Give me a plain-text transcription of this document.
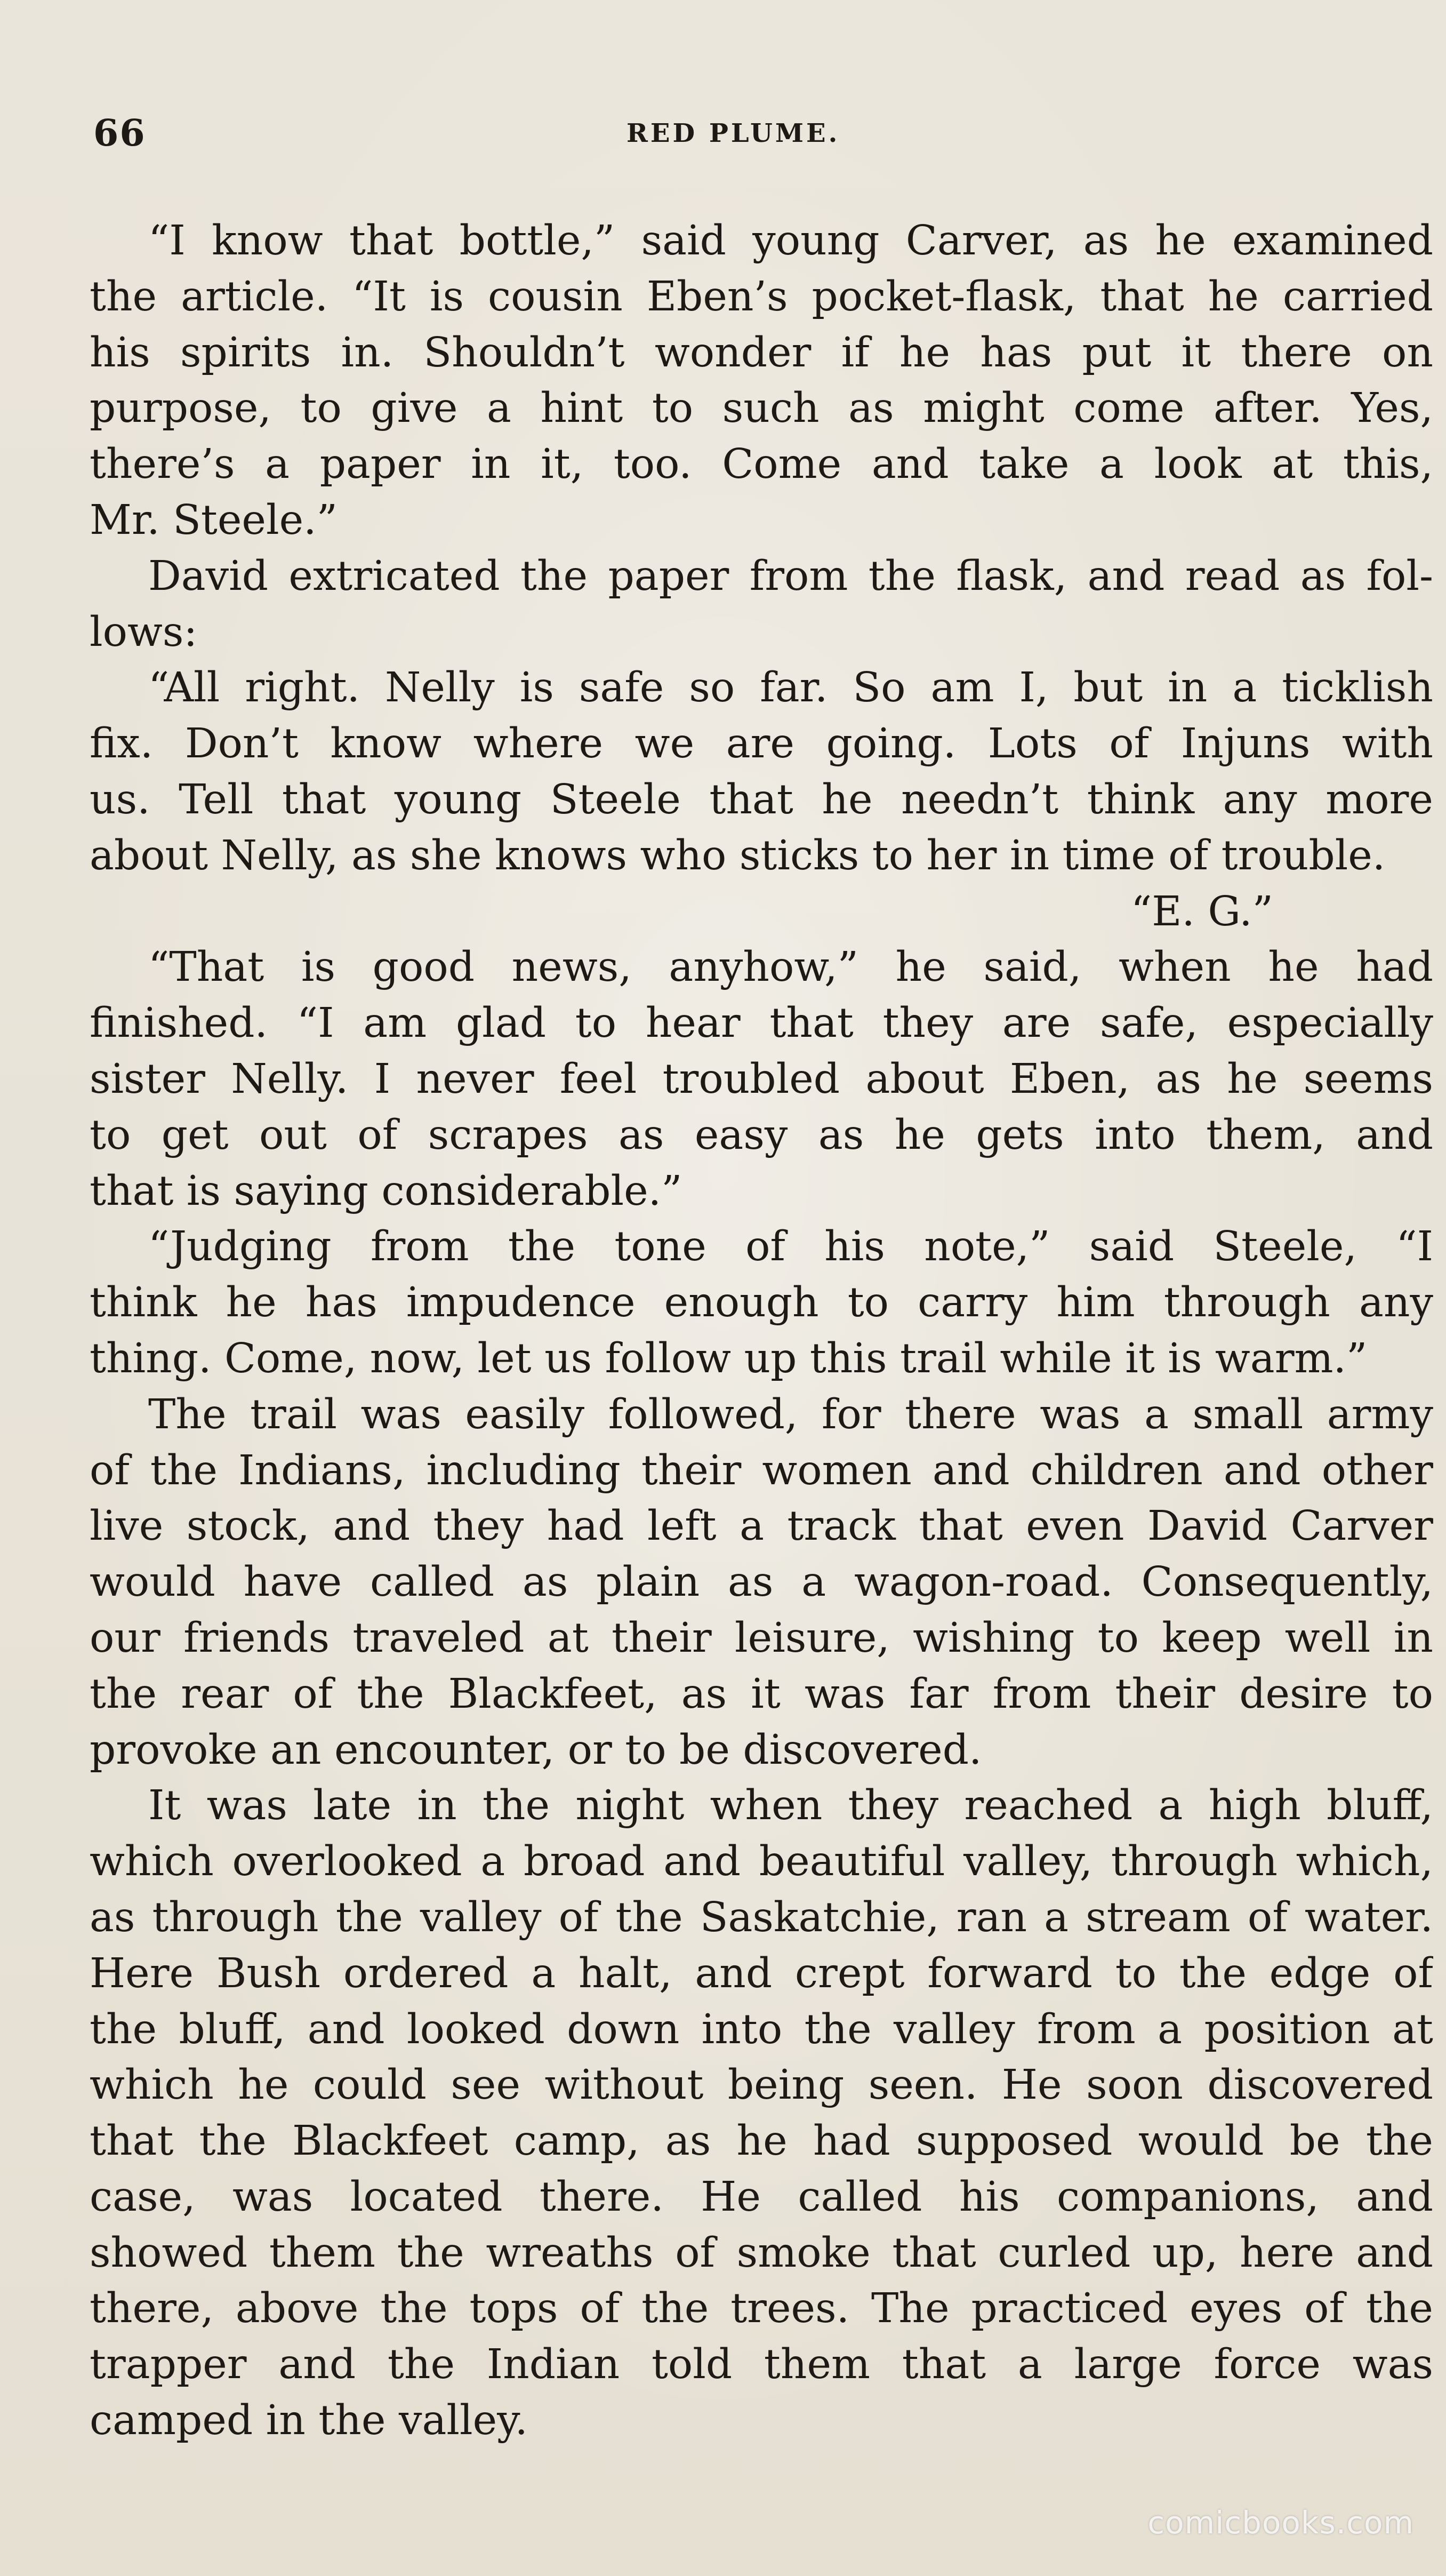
66	RED PLUME.

“I know that bottle,” said young Carver, as he examined
the article. “It is cousin Eben’s pocket-flask, that he carried
his spirits in. Shouldn’t wonder if he has put it there on
purpose, to give a hint to such as might come after. Yes,
there’s a paper in it, too. Come and take a look at this,
Mr. Steele.”

David extricated the paper from the flask, and read as fol-
lows:

“All right. Nelly is safe so far. So am I, but in a ticklish
fix. Don’t know where we are going. Lots of Injuns with
us. Tell that young Steele that he needn’t think any more
about Nelly, as she knows who sticks to her in time of trouble.

“E. G.”

“That is good news, anyhow,” he said, when he had
finished. “I am glad to hear that they are safe, especially
sister Nelly. I never feel troubled about Eben, as he seems
to get out of scrapes as easy as he gets into them, and
that is saying considerable.”

“Judging from the tone of his note,” said Steele, “I
think he has impudence enough to carry him through any
thing. Come, now, let us follow up this trail while it is warm.”

The trail was easily followed, for there was a small army
of the Indians, including their women and children and other
live stock, and they had left a track that even David Carver
would have called as plain as a wagon-road. Consequently,
our friends traveled at their leisure, wishing to keep well in
the rear of the Blackfeet, as it was far from their desire to
provoke an encounter, or to be discovered.

It was late in the night when they reached a high bluff,
which overlooked a broad and beautiful valley, through which,
as through the valley of the Saskatchie, ran a stream of water.
Here Bush ordered a halt, and crept forward to the edge of
the bluff, and looked down into the valley from a position at
which he could see without being seen. He soon discovered
that the Blackfeet camp, as he had supposed would be the
case, was located there. He called his companions, and
showed them the wreaths of smoke that curled up, here and
there, above the tops of the trees. The practiced eyes of the
trapper and the Indian told them that a large force was
camped in the valley.

comicbooks.com
